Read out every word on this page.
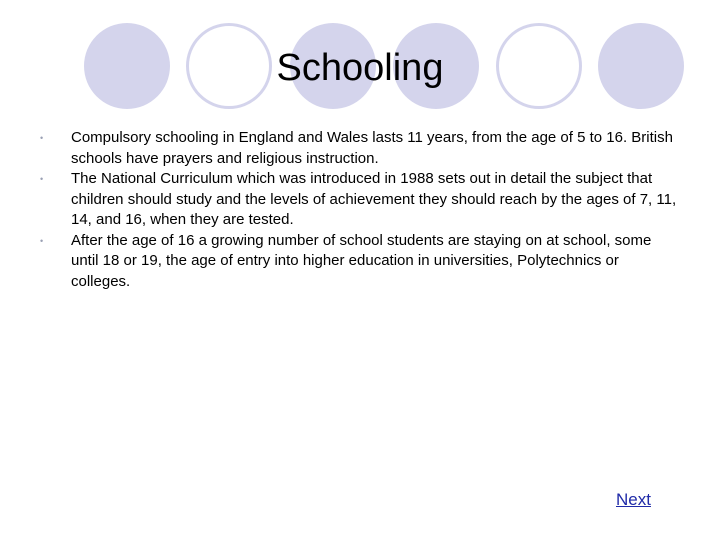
Schooling
•	Compulsory schooling in England and Wales lasts 11 years, from the age of 5 to 16. British schools have prayers and religious instruction.
•	The National Curriculum which was introduced in 1988 sets out in detail the subject that children should study and the levels of achievement they should reach by the ages of 7, 11, 14, and 16, when they are tested.
•	After the age of 16 a growing number of school students are staying on at school, some until 18 or 19, the age of entry into higher education in universities, Polytechnics or colleges.
Next
